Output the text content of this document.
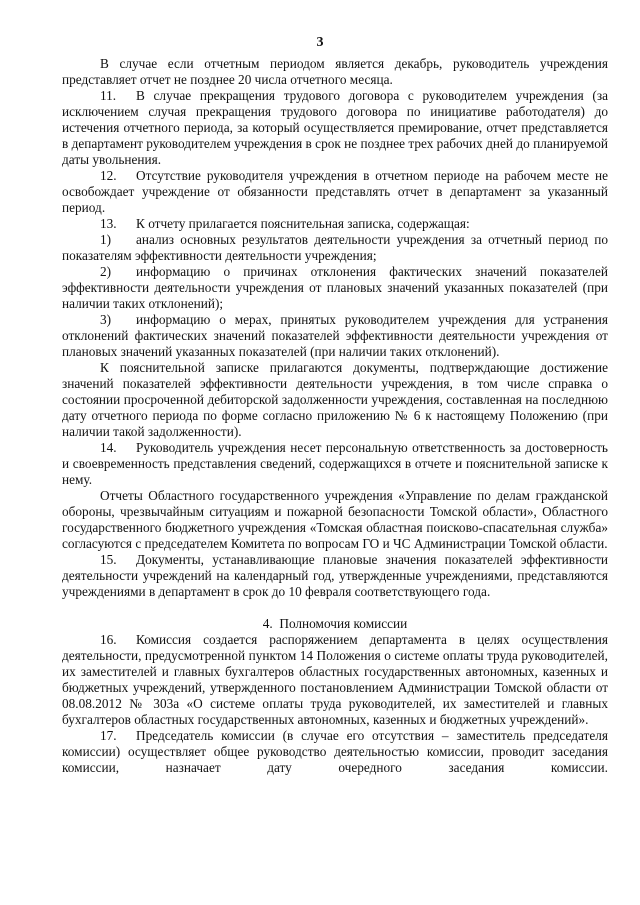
3

В случае если отчетным периодом является декабрь, руководитель учреждения представляет отчет не позднее 20 числа отчетного месяца.

11. В случае прекращения трудового договора с руководителем учреждения (за исключением случая прекращения трудового договора по инициативе работодателя) до истечения отчетного периода, за который осуществляется премирование, отчет представляется в департамент руководителем учреждения в срок не позднее трех рабочих дней до планируемой даты увольнения.

12. Отсутствие руководителя учреждения в отчетном периоде на рабочем месте не освобождает учреждение от обязанности представлять отчет в департамент за указанный период.

13. К отчету прилагается пояснительная записка, содержащая:

1) анализ основных результатов деятельности учреждения за отчетный период по показателям эффективности деятельности учреждения;

2) информацию о причинах отклонения фактических значений показателей эффективности деятельности учреждения от плановых значений указанных показателей (при наличии таких отклонений);

3) информацию о мерах, принятых руководителем учреждения для устранения отклонений фактических значений показателей эффективности деятельности учреждения от плановых значений указанных показателей (при наличии таких отклонений).

К пояснительной записке прилагаются документы, подтверждающие достижение значений показателей эффективности деятельности учреждения, в том числе справка о состоянии просроченной дебиторской задолженности учреждения, составленная на последнюю дату отчетного периода по форме согласно приложению № 6 к настоящему Положению (при наличии такой задолженности).

14. Руководитель учреждения несет персональную ответственность за достоверность и своевременность представления сведений, содержащихся в отчете и пояснительной записке к нему.

Отчеты Областного государственного учреждения «Управление по делам гражданской обороны, чрезвычайным ситуациям и пожарной безопасности Томской области», Областного государственного бюджетного учреждения «Томская областная поисково-спасательная служба» согласуются с председателем Комитета по вопросам ГО и ЧС Администрации Томской области.

15. Документы, устанавливающие плановые значения показателей эффективности деятельности учреждений на календарный год, утвержденные учреждениями, представляются учреждениями в департамент в срок до 10 февраля соответствующего года.

4.  Полномочия комиссии

16. Комиссия создается распоряжением департамента в целях осуществления деятельности, предусмотренной пунктом 14 Положения о системе оплаты труда руководителей, их заместителей и главных бухгалтеров областных государственных автономных, казенных и бюджетных учреждений, утвержденного постановлением Администрации Томской области от 08.08.2012 № 303а «О системе оплаты труда руководителей, их заместителей и главных бухгалтеров областных государственных автономных, казенных и бюджетных учреждений».

17. Председатель комиссии (в случае его отсутствия – заместитель председателя комиссии) осуществляет общее руководство деятельностью комиссии, проводит заседания комиссии, назначает дату очередного заседания комиссии.
